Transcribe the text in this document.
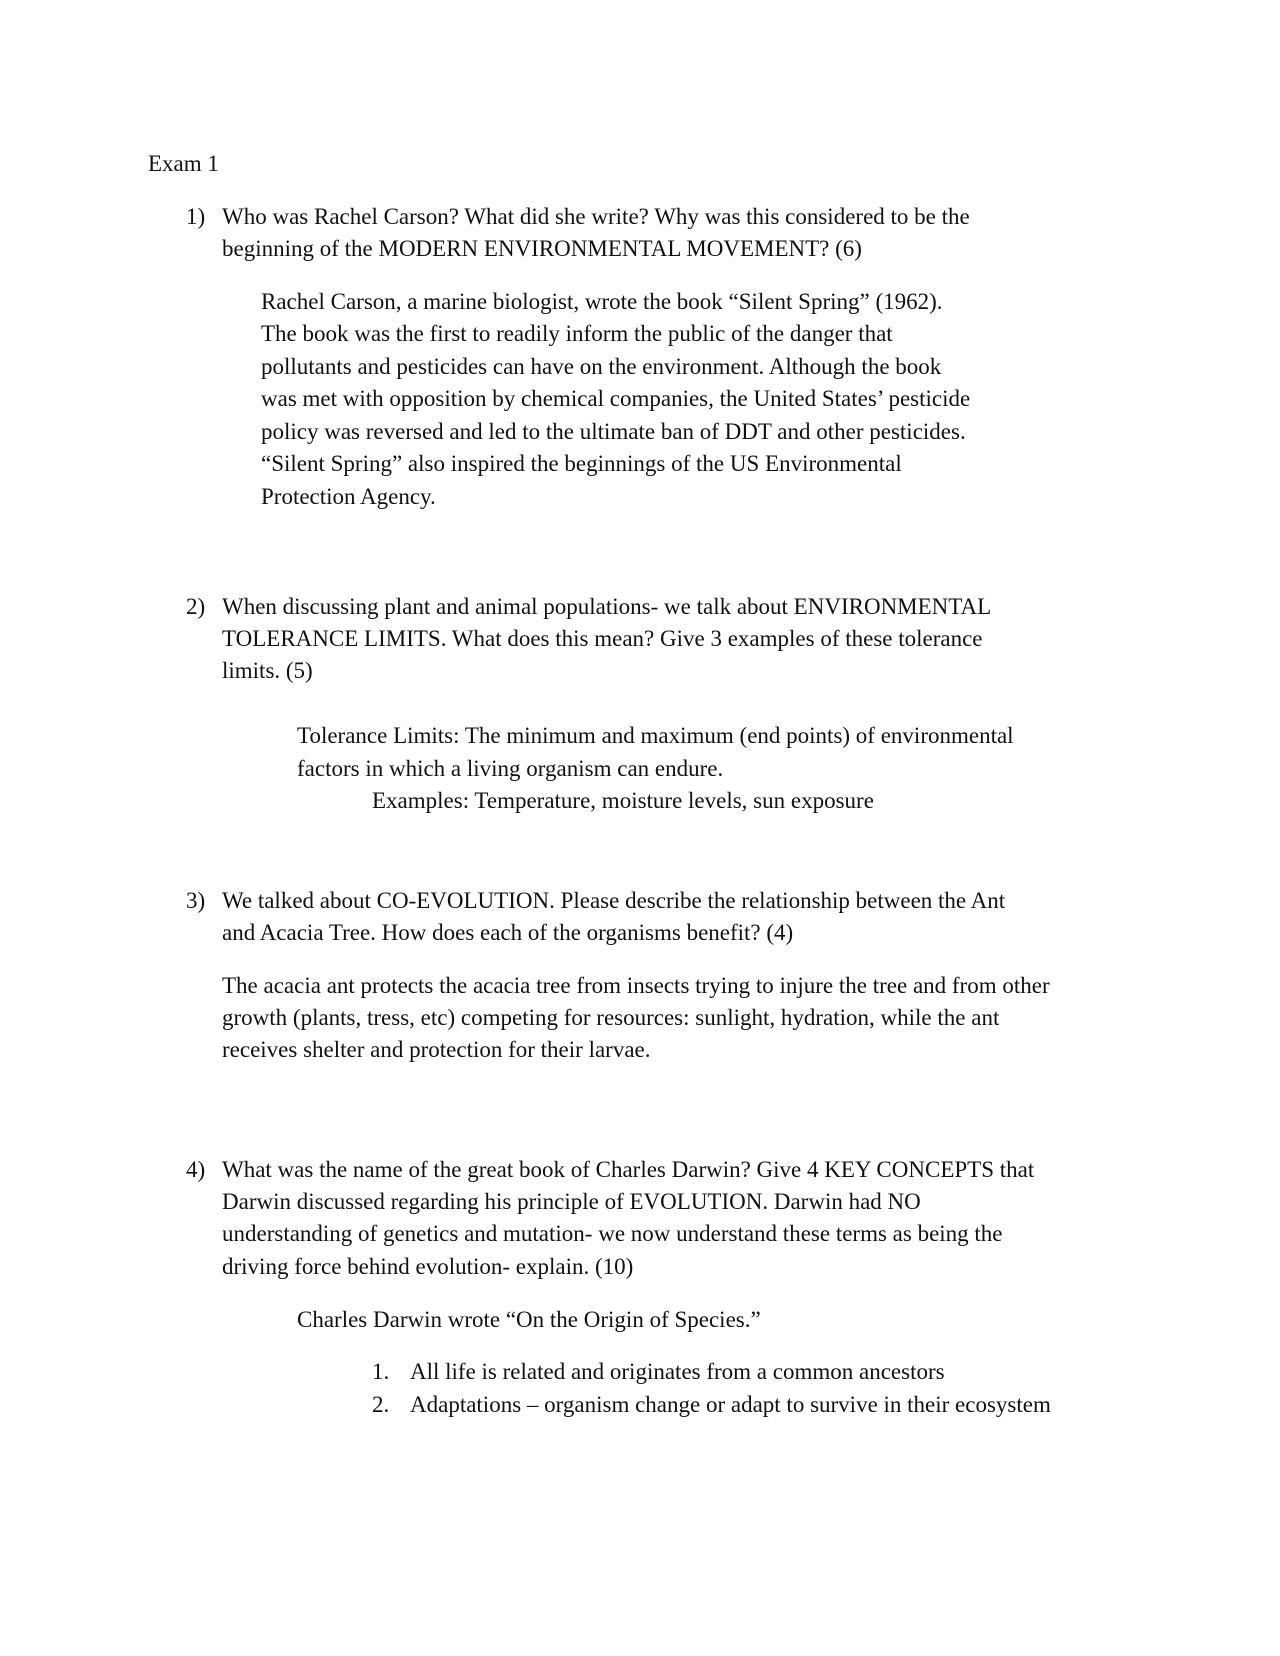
Exam 1
1) Who was Rachel Carson? What did she write? Why was this considered to be the
beginning of the MODERN ENVIRONMENTAL MOVEMENT? (6)
Rachel Carson, a marine biologist, wrote the book “Silent Spring” (1962).
The book was the first to readily inform the public of the danger that
pollutants and pesticides can have on the environment. Although the book
was met with opposition by chemical companies, the United States’ pesticide
policy was reversed and led to the ultimate ban of DDT and other pesticides.
“Silent Spring” also inspired the beginnings of the US Environmental
Protection Agency.
2) When discussing plant and animal populations- we talk about ENVIRONMENTAL
TOLERANCE LIMITS. What does this mean? Give 3 examples of these tolerance
limits. (5)
Tolerance Limits: The minimum and maximum (end points) of environmental
factors in which a living organism can endure.
Examples: Temperature, moisture levels, sun exposure
3) We talked about CO-EVOLUTION. Please describe the relationship between the Ant
and Acacia Tree. How does each of the organisms benefit? (4)
The acacia ant protects the acacia tree from insects trying to injure the tree and from other
growth (plants, tress, etc) competing for resources: sunlight, hydration, while the ant
receives shelter and protection for their larvae.
4) What was the name of the great book of Charles Darwin? Give 4 KEY CONCEPTS that
Darwin discussed regarding his principle of EVOLUTION. Darwin had NO
understanding of genetics and mutation- we now understand these terms as being the
driving force behind evolution- explain. (10)
Charles Darwin wrote “On the Origin of Species.”
1. All life is related and originates from a common ancestors
2. Adaptations – organism change or adapt to survive in their ecosystem
